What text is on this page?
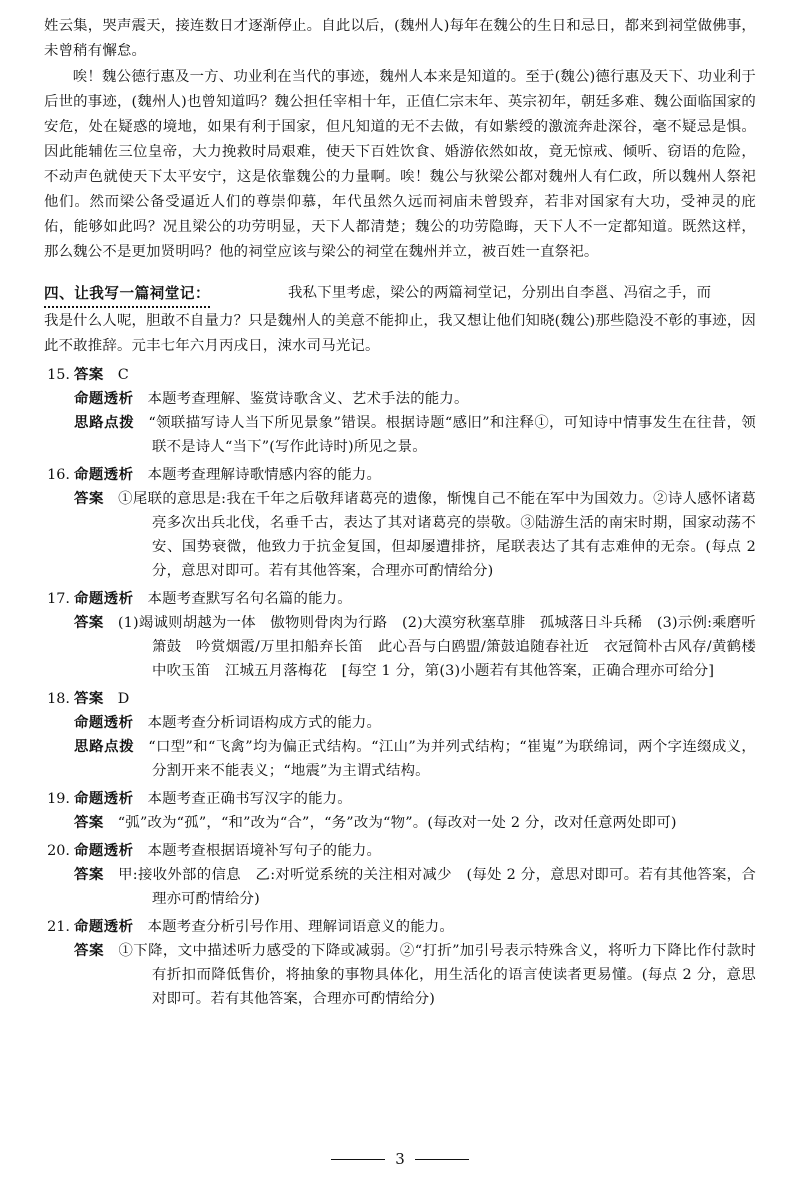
姓云集，哭声震天，接连数日才逐渐停止。自此以后，(魏州人)每年在魏公的生日和忌日，都来到祠堂做佛事，未曾稍有懈怠。

唉！魏公德行惠及一方、功业利在当代的事迹，魏州人本来是知道的。至于(魏公)德行惠及天下、功业利于后世的事迹，(魏州人)也曾知道吗？魏公担任宰相十年，正值仁宗末年、英宗初年，朝廷多难、魏公面临国家的安危，处在疑惑的境地，如果有利于国家，但凡知道的无不去做，有如紫绶的激流奔赴深谷，毫不疑忌是惧。因此能辅佐三位皇帝，大力挽救时局艰难，使天下百姓饮食、婚游依然如故，竟无惊戒、倾听、窃语的危险，不动声色就使天下太平安宁，这是依靠魏公的力量啊。唉！魏公与狄梁公都对魏州人有仁政，所以魏州人祭祀他们。然而梁公备受逼近人们的尊崇仰慕，年代虽然久远而祠庙未曾毁弃，若非对国家有大功，受神灵的庇佑，能够如此吗？况且梁公的功劳明显，天下人都清楚；魏公的功劳隐晦，天下人不一定都知道。既然这样，那么魏公不是更加贤明吗？他的祠堂应该与梁公的祠堂在魏州并立，被百姓一直祭祀。

四、让我写一篇祠堂记：	我私下里考虑，梁公的两篇祠堂记，分别出自李邕、冯宿之手，而

我是什么人呢，胆敢不自量力？只是魏州人的美意不能抑止，我又想让他们知晓(魏公)那些隐没不彰的事迹，因此不敢推辞。元丰七年六月丙戌日，涑水司马光记。

15. 答案 C
命题透析 本题考查理解、鉴赏诗歌含义、艺术手法的能力。
思路点拨 “领联描写诗人当下所见景象”错误。根据诗题“感旧”和注释①，可知诗中情事发生在往昔，领联不是诗人“当下”(写作此诗时)所见之景。
16. 命题透析 本题考查理解诗歌情感内容的能力。
答案 ①尾联的意思是:我在千年之后敬拜诸葛亮的遗像，惭愧自己不能在军中为国效力。②诗人感怀诸葛亮多次出兵北伐，名垂千古，表达了其对诸葛亮的崇敬。③陆游生活的南宋时期，国家动荡不安、国势衰微，他致力于抗金复国，但却屡遭排挤，尾联表达了其有志难伸的无奈。(每点 2 分，意思对即可。若有其他答案，合理亦可酌情给分)
17. 命题透析 本题考查默写名句名篇的能力。
答案 (1)竭诚则胡越为一体　傲物则骨肉为行路　(2)大漠穷秋塞草腓　孤城落日斗兵稀　(3)示例:乘磨听箫鼓　吟赏烟霞/万里扣船弃长笛　此心吾与白鸥盟/箫鼓追随春社近　衣冠简朴古风存/黄鹤楼中吹玉笛　江城五月落梅花　[每空 1 分，第(3)小题若有其他答案，正确合理亦可给分]
18. 答案 D
命题透析 本题考查分析词语构成方式的能力。
思路点拨 “口型”和“飞禽”均为偏正式结构。“江山”为并列式结构；“崔嵬”为联绵词，两个字连缀成义，分割开来不能表义；“地震”为主谓式结构。
19. 命题透析 本题考查正确书写汉字的能力。
答案 “弧”改为“孤”，“和”改为“合”，“务”改为“物”。(每改对一处 2 分，改对任意两处即可)
20. 命题透析 本题考查根据语境补写句子的能力。
答案 甲:接收外部的信息　乙:对听觉系统的关注相对减少　(每处 2 分，意思对即可。若有其他答案，合理亦可酌情给分)
21. 命题透析 本题考查分析引号作用、理解词语意义的能力。
答案 ①下降，文中描述听力感受的下降或减弱。②“打折”加引号表示特殊含义，将听力下降比作付款时有折扣而降低售价，将抽象的事物具体化，用生活化的语言使读者更易懂。(每点 2 分，意思对即可。若有其他答案，合理亦可酌情给分)
3
